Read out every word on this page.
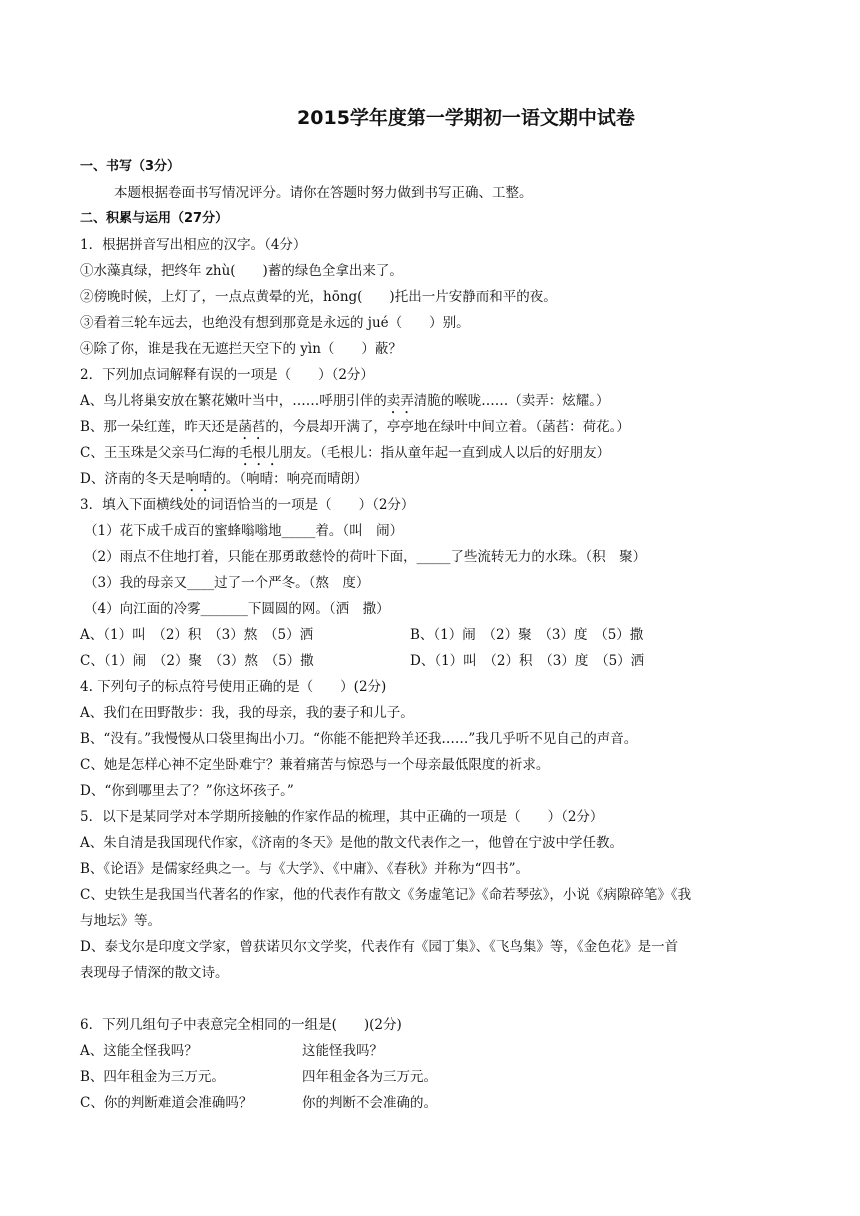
2015学年度第一学期初一语文期中试卷
一、书写（3分）
本题根据卷面书写情况评分。请你在答题时努力做到书写正确、工整。
二、积累与运用（27分）
1．根据拼音写出相应的汉字。（4分）
①水藻真绿，把终年 zhù(　　)蓄的绿色全拿出来了。
②傍晚时候，上灯了，一点点黄晕的光，hōng(　　)托出一片安静而和平的夜。
③看着三轮车远去，也绝没有想到那竟是永远的 jué（　　）别。
④除了你，谁是我在无遮拦天空下的 yìn（　　）蔽？
2．下列加点词解释有误的一项是（　　）（2分）
A、鸟儿将巢安放在繁花嫩叶当中，……呼朋引伴的卖弄清脆的喉咙……（卖弄：炫耀。）
B、那一朵红莲，昨天还是菡萏的，今晨却开满了，亭亭地在绿叶中间立着。（菡萏：荷花。）
C、王玉珠是父亲马仁海的毛根儿朋友。（毛根儿：指从童年起一直到成人以后的好朋友）
D、济南的冬天是响晴的。（响晴：响亮而晴朗）
3．填入下面横线处的词语恰当的一项是（　　）（2分）
（1）花下成千成百的蜜蜂嗡嗡地_____着。（叫　闹）
（2）雨点不住地打着，只能在那勇敢慈怜的荷叶下面，_____了些流转无力的水珠。（积　聚）
（3）我的母亲又____过了一个严冬。（熬　度）
（4）向江面的冷雾_______下圆圆的网。（洒　撒）
A、（1）叫　（2）积　（3）熬　（5）洒	B、（1）闹　（2）聚　（3）度　（5）撒
C、（1）闹　（2）聚　（3）熬　（5）撒	D、（1）叫　（2）积　（3）度　（5）洒
4. 下列句子的标点符号使用正确的是（　　）(2分)
A、我们在田野散步：我，我的母亲，我的妻子和儿子。
B、“没有。”我慢慢从口袋里掏出小刀。“你能不能把羚羊还我……”我几乎听不见自己的声音。
C、她是怎样心神不定坐卧难宁？兼着痛苦与惊恐与一个母亲最低限度的祈求。
D、“你到哪里去了？”你这坏孩子。”
5．以下是某同学对本学期所接触的作家作品的梳理，其中正确的一项是（　　）（2分）
A、朱自清是我国现代作家，《济南的冬天》是他的散文代表作之一，他曾在宁波中学任教。
B、《论语》是儒家经典之一。与《大学》、《中庸》、《春秋》并称为“四书”。
C、史铁生是我国当代著名的作家，他的代表作有散文《务虚笔记》《命若琴弦》，小说《病隙碎笔》《我
与地坛》等。
D、泰戈尔是印度文学家，曾获诺贝尔文学奖，代表作有《园丁集》、《飞鸟集》等，《金色花》是一首
表现母子情深的散文诗。
6．下列几组句子中表意完全相同的一组是(　　)(2分)
A、这能全怪我吗？	这能怪我吗？
B、四年租金为三万元。	四年租金各为三万元。
C、你的判断难道会准确吗？	你的判断不会准确的。
